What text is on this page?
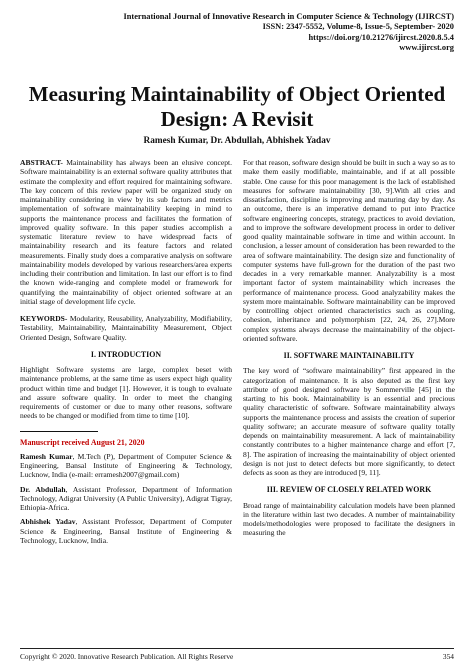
International Journal of Innovative Research in Computer Science & Technology (IJIRCST)
ISSN: 2347-5552, Volume-8, Issue-5, September- 2020
https://doi.org/10.21276/ijircst.2020.8.5.4
www.ijircst.org
Measuring Maintainability of Object Oriented
Design: A Revisit
Ramesh Kumar, Dr. Abdullah, Abhishek Yadav

ABSTRACT- Maintainability has always been an elusive concept. Software maintainability is an external software quality attributes that estimate the complexity and effort required for maintaining software. The key concern of this review paper will be organized study on maintainability considering in view by its sub factors and metrics implementation of software maintainability keeping in mind to supports the maintenance process and facilitates the formation of improved quality software. In this paper studies accomplish a systematic literature review to have widespread facts of maintainability research and its feature factors and related measurements. Finally study does a comparative analysis on software maintainability models developed by various researchers/area experts including their contribution and limitation. In last our effort is to find the known wide-ranging and complete model or framework for quantifying the maintainability of object oriented software at an initial stage of development life cycle.

KEYWORDS- Modularity, Reusability, Analyzability, Modifiability, Testability, Maintainability, Maintainability Measurement, Object Oriented Design, Software Quality.

I. INTRODUCTION

Highlight Software systems are large, complex beset with maintenance problems, at the same time as users expect high quality product within time and budget [1]. However, it is tough to evaluate and assure software quality. In order to meet the changing requirements of customer or due to many other reasons, software needs to be changed or modified from time to time [10].

Manuscript received August 21, 2020
Ramesh Kumar, M.Tech (P), Department of Computer Science & Engineering, Bansal Institute of Engineering & Technology, Lucknow, India (e-mail: erramesh2007@gmail.com)
Dr. Abdullah, Assistant Professor, Department of Information Technology, Adigrat University (A Public University), Adigrat Tigray, Ethiopia-Africa.
Abhishek Yadav, Assistant Professor, Department of Computer Science & Engineering, Bansal Institute of Engineering & Technology, Lucknow, India.

For that reason, software design should be built in such a way so as to make them easily modifiable, maintainable, and if at all possible stable. One cause for this poor management is the lack of established measures for software maintainability [30, 9].With all cries and dissatisfaction, discipline is improving and maturing day by day. As an outcome, there is an imperative demand to put into Practice software engineering concepts, strategy, practices to avoid deviation, and to improve the software development process in order to deliver good quality maintainable software in time and within account. In conclusion, a lesser amount of consideration has been rewarded to the area of software maintainability. The design size and functionality of computer systems have full-grown for the duration of the past two decades in a very remarkable manner. Analyzability is a most important factor of system maintainability which increases the performance of maintenance process. Good analyzability makes the system more maintainable. Software maintainability can be improved by controlling object oriented characteristics such as coupling, cohesion, inheritance and polymorphism [22, 24, 26, 27].More complex systems always decrease the maintainability of the object-oriented software.

II. SOFTWARE MAINTAINABILITY

The key word of “software maintainability” first appeared in the categorization of maintenance. It is also deputed as the first key attribute of good designed software by Sommerville [45] in the starting to his book. Maintainability is an essential and precious quality characteristic of software. Software maintainability always supports the maintenance process and assists the creation of superior quality software; an accurate measure of software quality totally depends on maintainability measurement. A lack of maintainability constantly contributes to a higher maintenance charge and effort [7, 8]. The aspiration of increasing the maintainability of object oriented design is not just to detect defects but more significantly, to detect defects as soon as they are introduced [9, 11].

III. REVIEW OF CLOSELY RELATED WORK

Broad range of maintainability calculation models have been planned in the literature within last two decades. A number of maintainability models/methodologies were proposed to facilitate the designers in measuring the

Copyright © 2020. Innovative Research Publication. All Rights Reserve	354
